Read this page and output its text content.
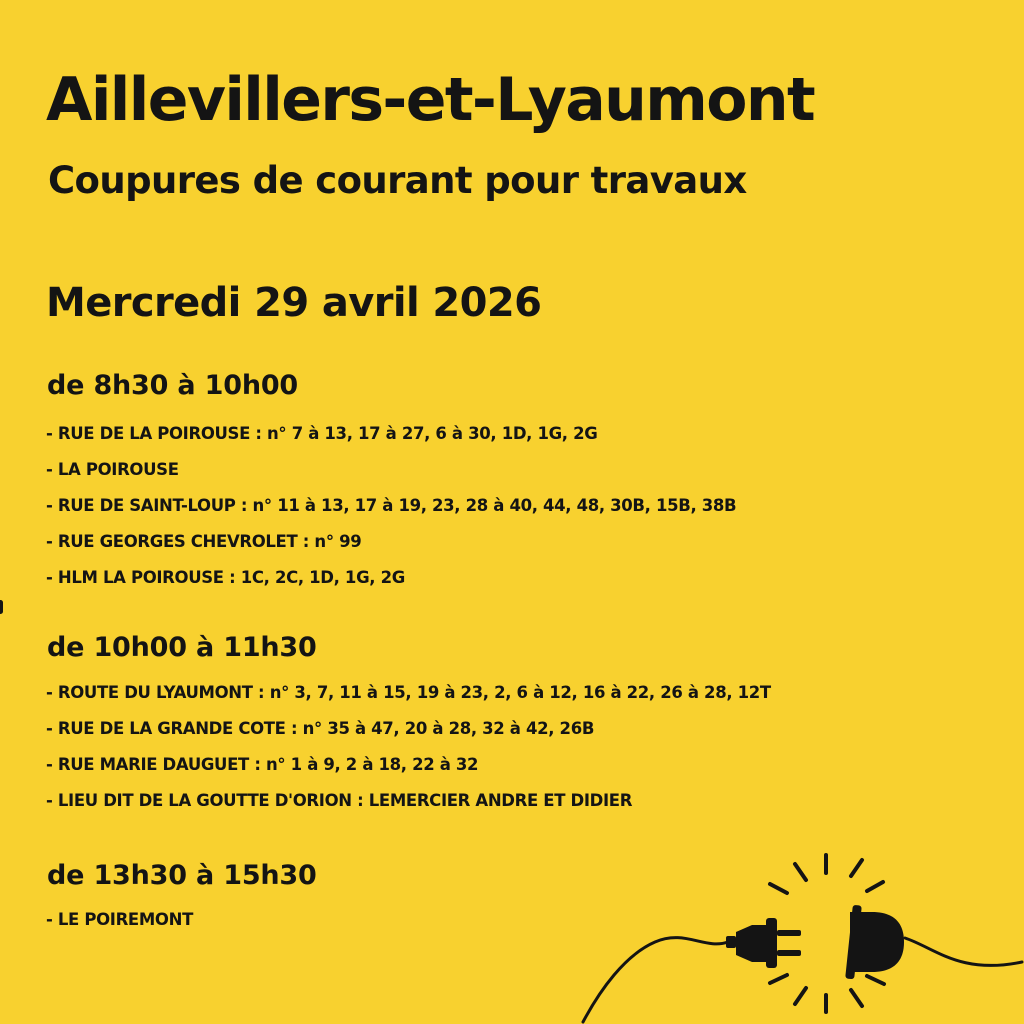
Aillevillers-et-Lyaumont
Coupures de courant pour travaux
Mercredi 29 avril 2026
de 8h30 à 10h00
- RUE DE LA POIROUSE : n° 7 à 13, 17 à 27, 6 à 30, 1D, 1G, 2G
- LA POIROUSE
- RUE DE SAINT-LOUP : n° 11 à 13, 17 à 19, 23, 28 à 40, 44, 48, 30B, 15B, 38B
- RUE GEORGES CHEVROLET : n° 99
- HLM LA POIROUSE : 1C, 2C, 1D, 1G, 2G
de 10h00 à 11h30
- ROUTE DU LYAUMONT : n° 3, 7, 11 à 15, 19 à 23, 2, 6 à 12, 16 à 22, 26 à 28, 12T
- RUE DE LA GRANDE COTE : n° 35 à 47, 20 à 28, 32 à 42, 26B
- RUE MARIE DAUGUET : n° 1 à 9, 2 à 18, 22 à 32
- LIEU DIT DE LA GOUTTE D'ORION : LEMERCIER ANDRE ET DIDIER
de 13h30 à 15h30
- LE POIREMONT
